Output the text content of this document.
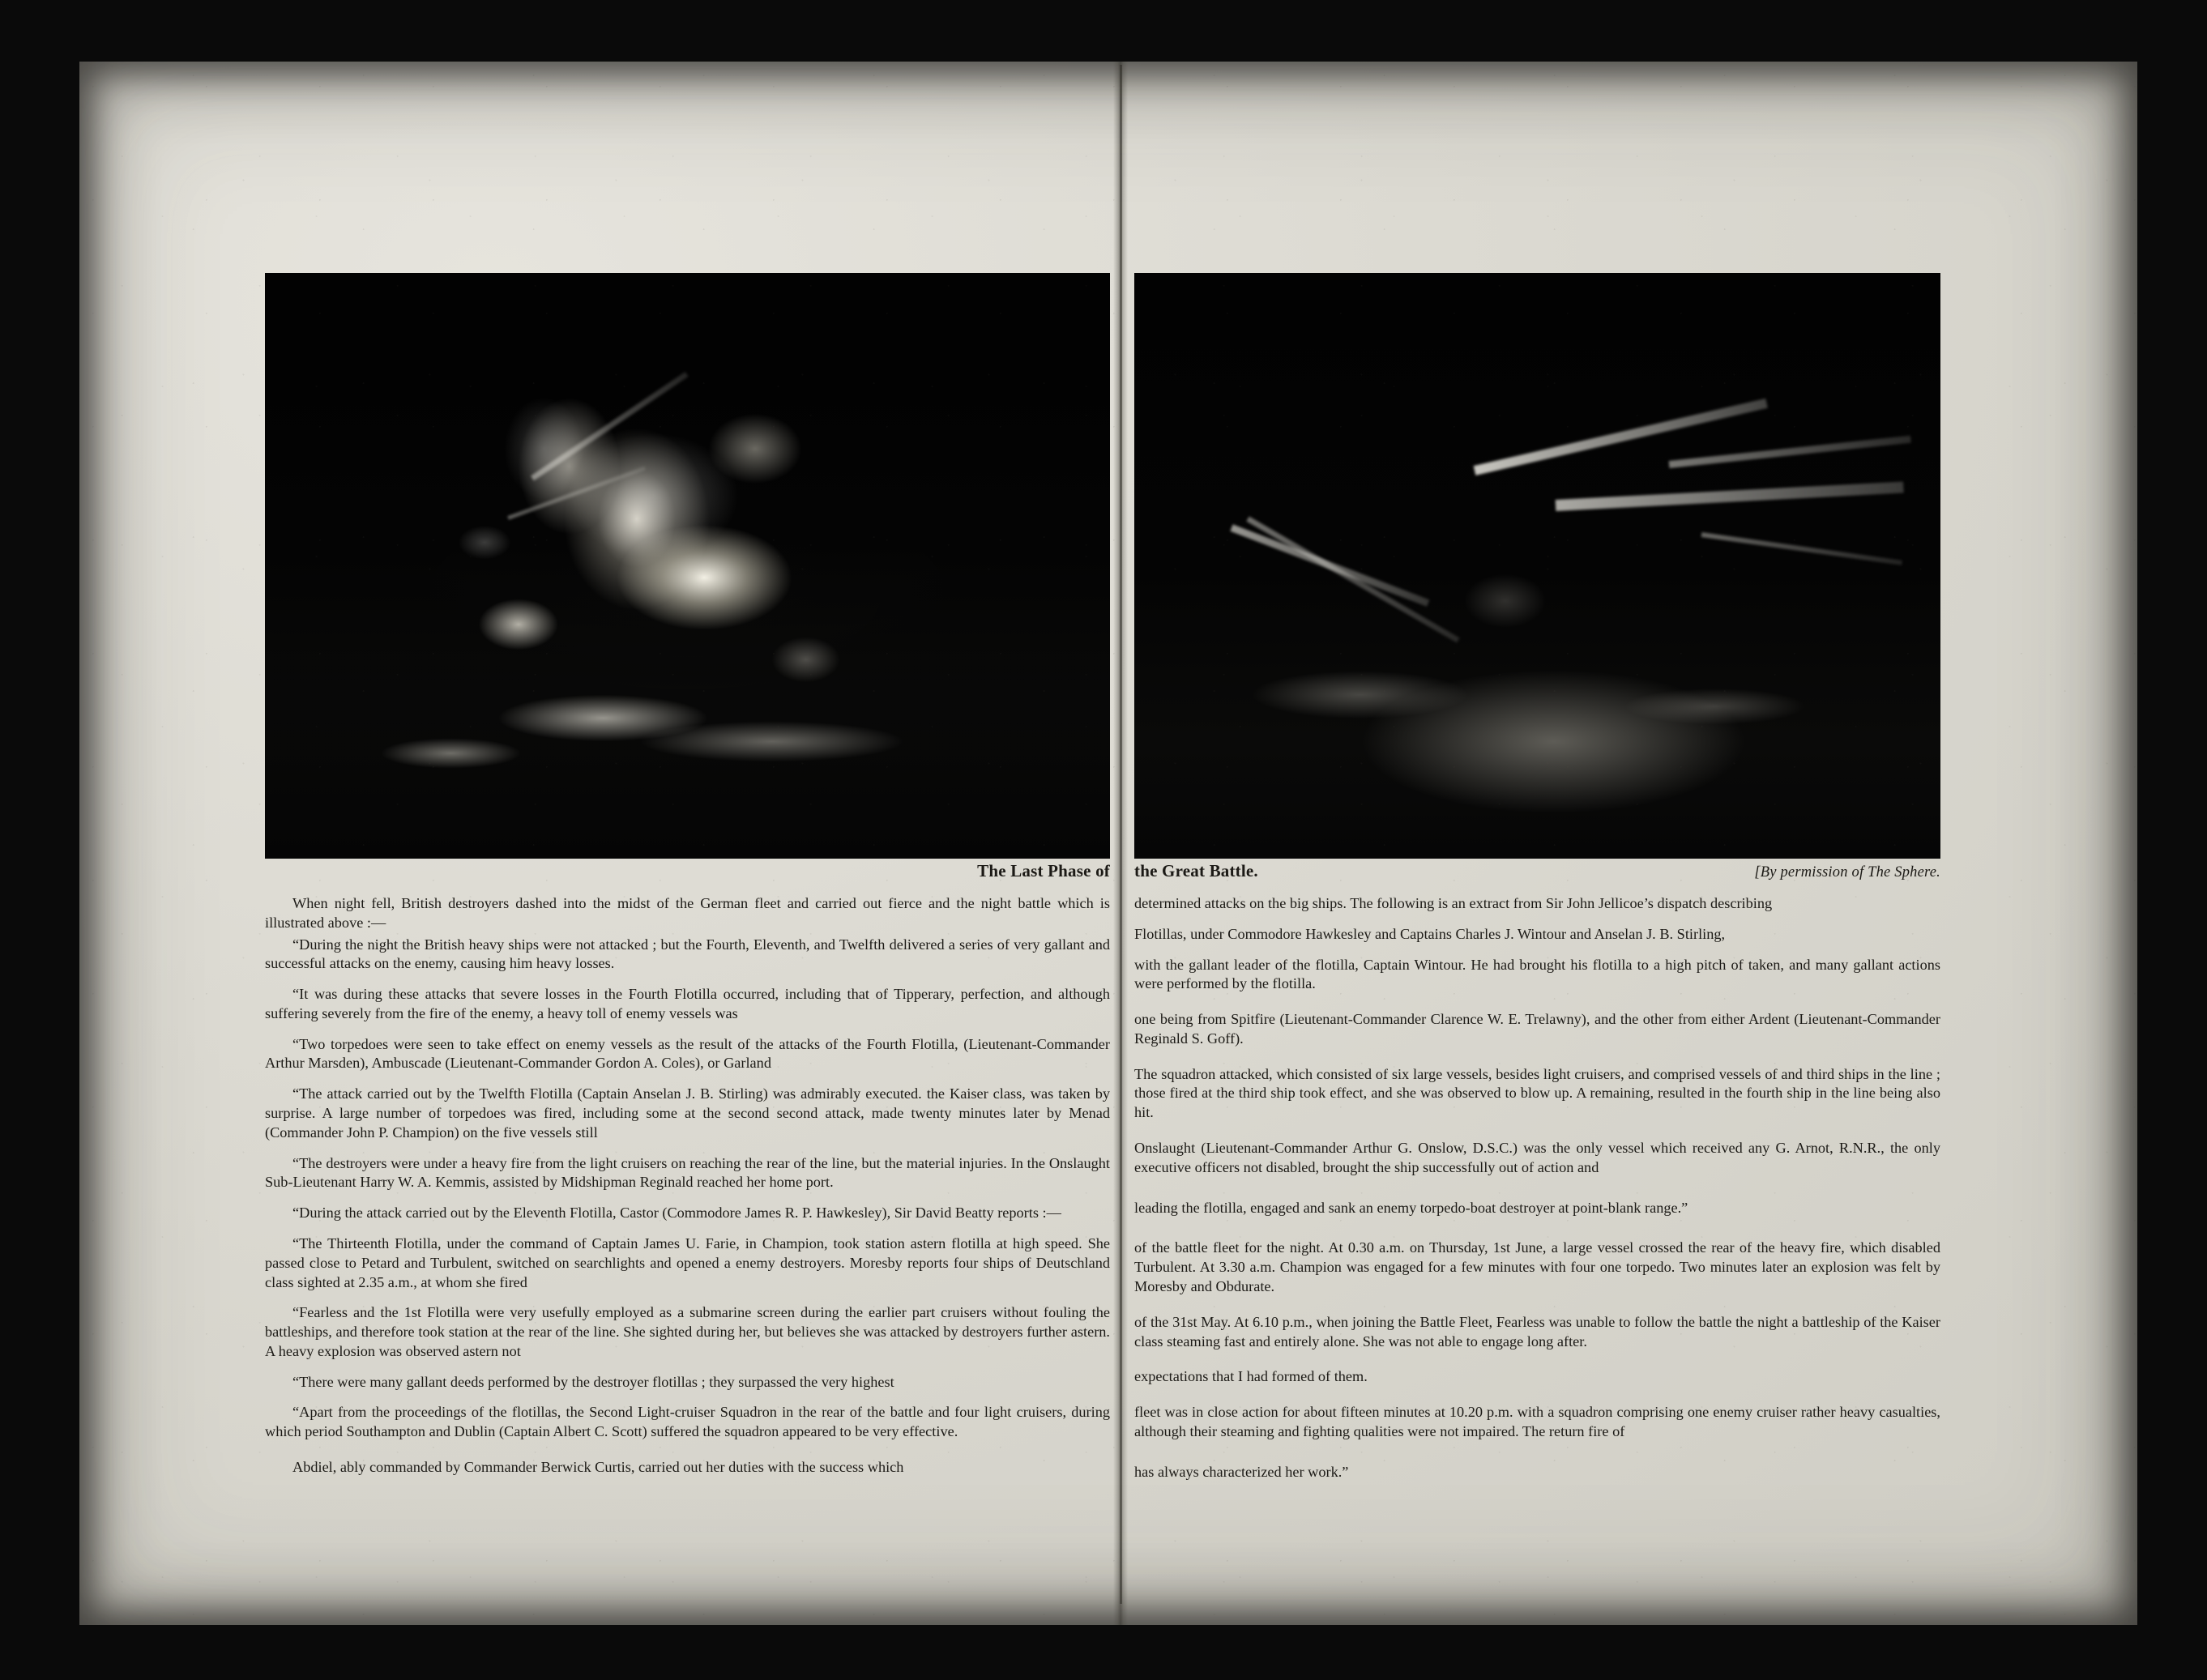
The Last Phase of

When night fell, British destroyers dashed into the midst of the German fleet and carried out fierce and the night battle which is illustrated above :—

“During the night the British heavy ships were not attacked ; but the Fourth, Eleventh, and Twelfth delivered a series of very gallant and successful attacks on the enemy, causing him heavy losses.

“It was during these attacks that severe losses in the Fourth Flotilla occurred, including that of Tipperary, perfection, and although suffering severely from the fire of the enemy, a heavy toll of enemy vessels was

“Two torpedoes were seen to take effect on enemy vessels as the result of the attacks of the Fourth Flotilla, (Lieutenant-Commander Arthur Marsden), Ambuscade (Lieutenant-Commander Gordon A. Coles), or Garland

“The attack carried out by the Twelfth Flotilla (Captain Anselan J. B. Stirling) was admirably executed. the Kaiser class, was taken by surprise. A large number of torpedoes was fired, including some at the second second attack, made twenty minutes later by Menad (Commander John P. Champion) on the five vessels still

“The destroyers were under a heavy fire from the light cruisers on reaching the rear of the line, but the material injuries. In the Onslaught Sub-Lieutenant Harry W. A. Kemmis, assisted by Midshipman Reginald reached her home port.

“During the attack carried out by the Eleventh Flotilla, Castor (Commodore James R. P. Hawkesley), Sir David Beatty reports :—

“The Thirteenth Flotilla, under the command of Captain James U. Farie, in Champion, took station astern flotilla at high speed. She passed close to Petard and Turbulent, switched on searchlights and opened a enemy destroyers. Moresby reports four ships of Deutschland class sighted at 2.35 a.m., at whom she fired

“Fearless and the 1st Flotilla were very usefully employed as a submarine screen during the earlier part cruisers without fouling the battleships, and therefore took station at the rear of the line. She sighted during her, but believes she was attacked by destroyers further astern. A heavy explosion was observed astern not

“There were many gallant deeds performed by the destroyer flotillas ; they surpassed the very highest

“Apart from the proceedings of the flotillas, the Second Light-cruiser Squadron in the rear of the battle and four light cruisers, during which period Southampton and Dublin (Captain Albert C. Scott) suffered the squadron appeared to be very effective.

Abdiel, ably commanded by Commander Berwick Curtis, carried out her duties with the success which

the Great Battle.	[By permission of The Sphere.

determined attacks on the big ships. The following is an extract from Sir John Jellicoe’s dispatch describing

Flotillas, under Commodore Hawkesley and Captains Charles J. Wintour and Anselan J. B. Stirling,

with the gallant leader of the flotilla, Captain Wintour. He had brought his flotilla to a high pitch of taken, and many gallant actions were performed by the flotilla.

one being from Spitfire (Lieutenant-Commander Clarence W. E. Trelawny), and the other from either Ardent (Lieutenant-Commander Reginald S. Goff).

The squadron attacked, which consisted of six large vessels, besides light cruisers, and comprised vessels of and third ships in the line ; those fired at the third ship took effect, and she was observed to blow up. A remaining, resulted in the fourth ship in the line being also hit.

Onslaught (Lieutenant-Commander Arthur G. Onslow, D.S.C.) was the only vessel which received any G. Arnot, R.N.R., the only executive officers not disabled, brought the ship successfully out of action and

leading the flotilla, engaged and sank an enemy torpedo-boat destroyer at point-blank range.”

of the battle fleet for the night. At 0.30 a.m. on Thursday, 1st June, a large vessel crossed the rear of the heavy fire, which disabled Turbulent. At 3.30 a.m. Champion was engaged for a few minutes with four one torpedo. Two minutes later an explosion was felt by Moresby and Obdurate.

of the 31st May. At 6.10 p.m., when joining the Battle Fleet, Fearless was unable to follow the battle the night a battleship of the Kaiser class steaming fast and entirely alone. She was not able to engage long after.

expectations that I had formed of them.

fleet was in close action for about fifteen minutes at 10.20 p.m. with a squadron comprising one enemy cruiser rather heavy casualties, although their steaming and fighting qualities were not impaired. The return fire of

has always characterized her work.”
